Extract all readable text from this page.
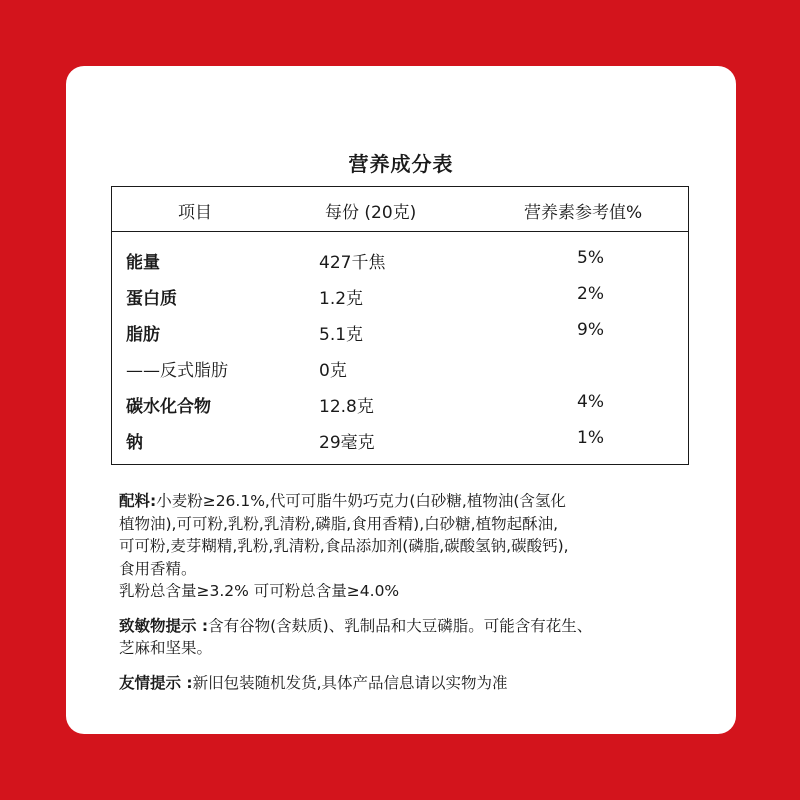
营养成分表
项目	每份 (20克)	营养素参考值%
能量	427千焦	5%
蛋白质	1.2克	2%
脂肪	5.1克	9%
——反式脂肪	0克
碳水化合物	12.8克	4%
钠	29毫克	1%

配料:小麦粉≥26.1%,代可可脂牛奶巧克力(白砂糖,植物油(含氢化

植物油),可可粉,乳粉,乳清粉,磷脂,食用香精),白砂糖,植物起酥油,

可可粉,麦芽糊精,乳粉,乳清粉,食品添加剂(磷脂,碳酸氢钠,碳酸钙),

食用香精。

乳粉总含量≥3.2% 可可粉总含量≥4.0%

致敏物提示 :含有谷物(含麸质)、乳制品和大豆磷脂。可能含有花生、

芝麻和坚果。

友情提示 :新旧包装随机发货,具体产品信息请以实物为准
